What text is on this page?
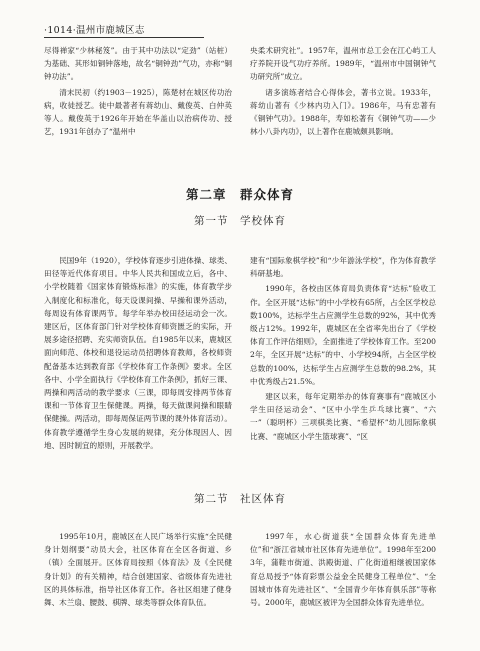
·1014·温州市鹿城区志

尽得禅家“少林秘笈”。由于其中功法以“定劲”（站桩）为基础、其形如铜钟落地，故名“铜钟劲”气功，亦称“铜钟功法”。

清末民初（约1903－1925），陈楚材在城区传功治病，收徒授艺。徒中最著者有蒋幼山、戴俊英、白仲英等人。戴俊英于1926年开始在华盖山以治病传功、授艺，1931年创办了“温州中

央柔术研究社”。1957年，温州市总工会在江心屿工人疗养院开设气功疗养所。1989年，“温州市中国铜钟气功研究所”成立。

诸多演练者结合心得体会，著书立说。1933年，蒋幼山著有《少林内功入门》。1986年，马有忠著有《铜钟气功》。1988年，寿如松著有《铜钟气功——少林小八卦内功》，以上著作在鹿城颇具影响。

第二章　群众体育
第一节　学校体育

民国9年（1920），学校体育逐步引进体操、球类、田径等近代体育项目。中华人民共和国成立后，各中、小学校随着《国家体育锻炼标准》的实施，体育教学步入制度化和标准化，每天设课间操、早操和课外活动，每周设有体育课两节。每学年举办校田径运动会一次。建区后，区体育部门针对学校体育师资匮乏的实际，开展多途径招聘、充实师资队伍。自1985年以来，鹿城区面向师范、体校和退役运动员招聘体育教师，各校师资配备基本达到教育部《学校体育工作条例》要求。全区各中、小学全面执行《学校体育工作条例》，抓好三课、两操和两活动的教学要求（三课，即每周安排两节体育课和一节体育卫生保健课。两操，每天做课间操和眼睛保健操。两活动，即每周保证两节课的课外体育活动）。体育教学遵循学生身心发展的规律，充分体现因人、因地、因时制宜的原则，开展教学。

建有“国际象棋学校”和“少年游泳学校”，作为体育教学科研基地。

1990年，各校由区体育局负责体育“达标”验收工作。全区开展“达标”的中小学校有65所，占全区学校总数100%，达标学生占应测学生总数的92%，其中优秀级占12%。1992年，鹿城区在全省率先出台了《学校体育工作评估细则》，全面推进了学校体育工作。至2002年，全区开展“达标”的中、小学校94所，占全区学校总数的100%，达标学生占应测学生总数的98.2%，其中优秀级占21.5%。

建区以来，每年定期举办的体育赛事有“鹿城区小学生田径运动会”、“区中小学生乒乓球比赛”、“六一”（聪明杯）三项棋类比赛、“希望杯”幼儿园际象棋比赛、“鹿城区小学生篮球赛”、“区

第二节　社区体育

1995年10月，鹿城区在人民广场举行实施“全民健身计划纲要”动员大会，社区体育在全区各街道、乡（镇）全面展开。区体育局按照《体育法》及《全民健身计划》的有关精神，结合创建国家、省级体育先进社区的具体标准，指导社区体育工作。各社区组建了健身舞、木兰扇、腰鼓、棋牌、球类等群众体育队伍。

1997年，水心街道获“全国群众体育先进单位”和“浙江省城市社区体育先进单位”。1998年至2003年，蒲鞋市街道、洪殿街道、广化街道相继被国家体育总局授予“体育彩票公益金全民健身工程单位”、“全国城市体育先进社区”、“全国青少年体育俱乐部”等称号。2000年，鹿城区被评为全国群众体育先进单位。
